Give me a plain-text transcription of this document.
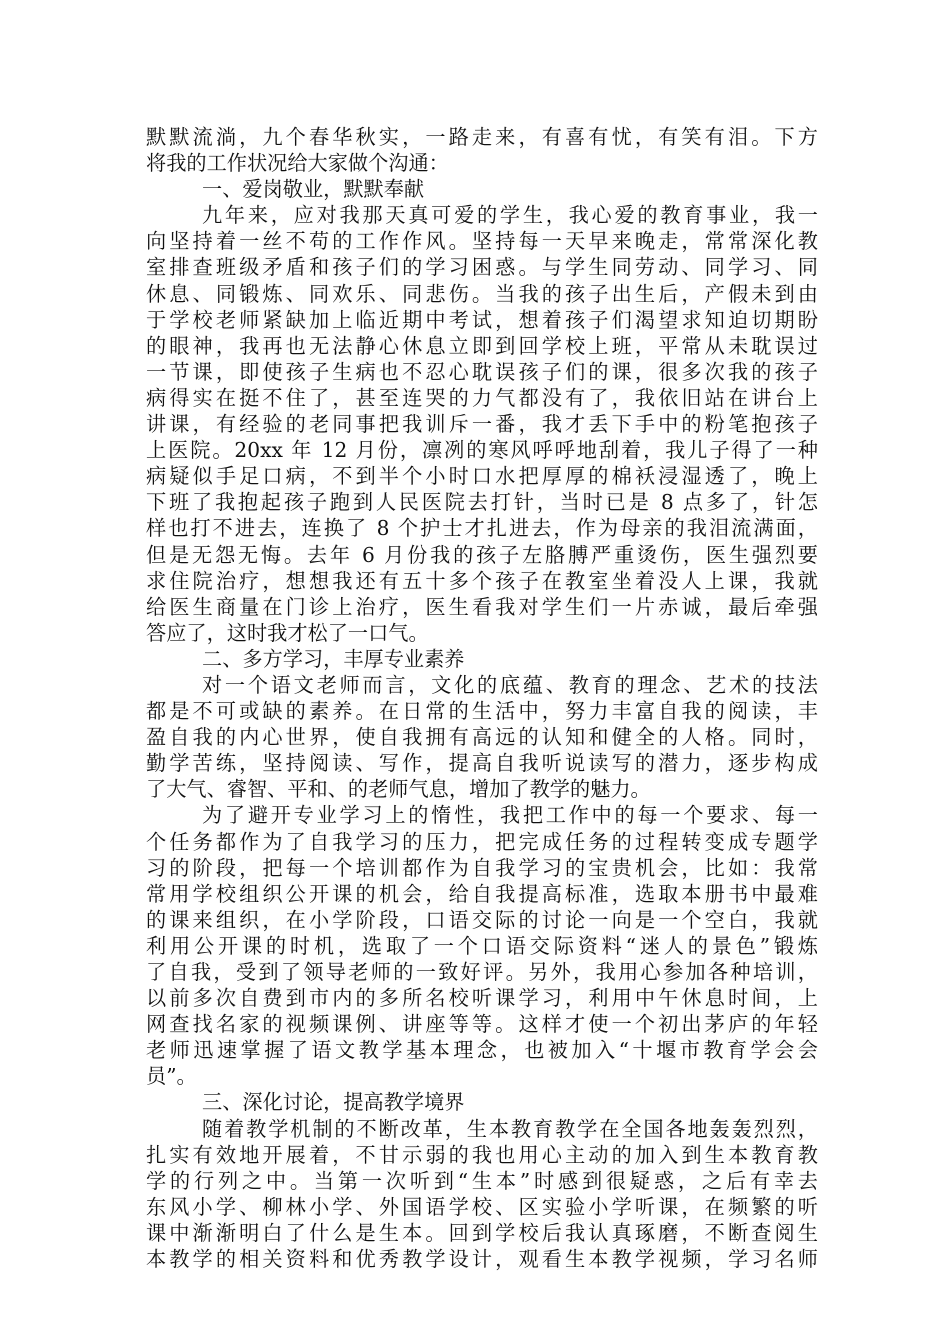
默默流淌，九个春华秋实，一路走来，有喜有忧，有笑有泪。下方
将我的工作状况给大家做个沟通：
一、爱岗敬业，默默奉献
九年来，应对我那天真可爱的学生，我心爱的教育事业，我一
向坚持着一丝不苟的工作作风。坚持每一天早来晚走，常常深化教
室排查班级矛盾和孩子们的学习困惑。与学生同劳动、同学习、同
休息、同锻炼、同欢乐、同悲伤。当我的孩子出生后，产假未到由
于学校老师紧缺加上临近期中考试，想着孩子们渴望求知迫切期盼
的眼神，我再也无法静心休息立即到回学校上班，平常从未耽误过
一节课，即使孩子生病也不忍心耽误孩子们的课，很多次我的孩子
病得实在挺不住了，甚至连哭的力气都没有了，我依旧站在讲台上
讲课，有经验的老同事把我训斥一番，我才丢下手中的粉笔抱孩子
上医院。20xx 年 12 月份，凛冽的寒风呼呼地刮着，我儿子得了一种
病疑似手足口病，不到半个小时口水把厚厚的棉袄浸湿透了，晚上
下班了我抱起孩子跑到人民医院去打针，当时已是 8 点多了，针怎
样也打不进去，连换了 8 个护士才扎进去，作为母亲的我泪流满面，
但是无怨无悔。去年 6 月份我的孩子左胳膊严重烫伤，医生强烈要
求住院治疗，想想我还有五十多个孩子在教室坐着没人上课，我就
给医生商量在门诊上治疗，医生看我对学生们一片赤诚，最后牵强
答应了，这时我才松了一口气。
二、多方学习，丰厚专业素养
对一个语文老师而言，文化的底蕴、教育的理念、艺术的技法
都是不可或缺的素养。在日常的生活中，努力丰富自我的阅读，丰
盈自我的内心世界，使自我拥有高远的认知和健全的人格。同时，
勤学苦练，坚持阅读、写作，提高自我听说读写的潜力，逐步构成
了大气、睿智、平和、的老师气息，增加了教学的魅力。
为了避开专业学习上的惰性，我把工作中的每一个要求、每一
个任务都作为了自我学习的压力，把完成任务的过程转变成专题学
习的阶段，把每一个培训都作为自我学习的宝贵机会，比如：我常
常用学校组织公开课的机会，给自我提高标准，选取本册书中最难
的课来组织，在小学阶段，口语交际的讨论一向是一个空白，我就
利用公开课的时机，选取了一个口语交际资料“迷人的景色”锻炼
了自我，受到了领导老师的一致好评。另外，我用心参加各种培训，
以前多次自费到市内的多所名校听课学习，利用中午休息时间，上
网查找名家的视频课例、讲座等等。这样才使一个初出茅庐的年轻
老师迅速掌握了语文教学基本理念，也被加入“十堰市教育学会会
员”。
三、深化讨论，提高教学境界
随着教学机制的不断改革，生本教育教学在全国各地轰轰烈烈，
扎实有效地开展着，不甘示弱的我也用心主动的加入到生本教育教
学的行列之中。当第一次听到“生本”时感到很疑惑，之后有幸去
东风小学、柳林小学、外国语学校、区实验小学听课，在频繁的听
课中渐渐明白了什么是生本。回到学校后我认真琢磨，不断查阅生
本教学的相关资料和优秀教学设计，观看生本教学视频，学习名师
